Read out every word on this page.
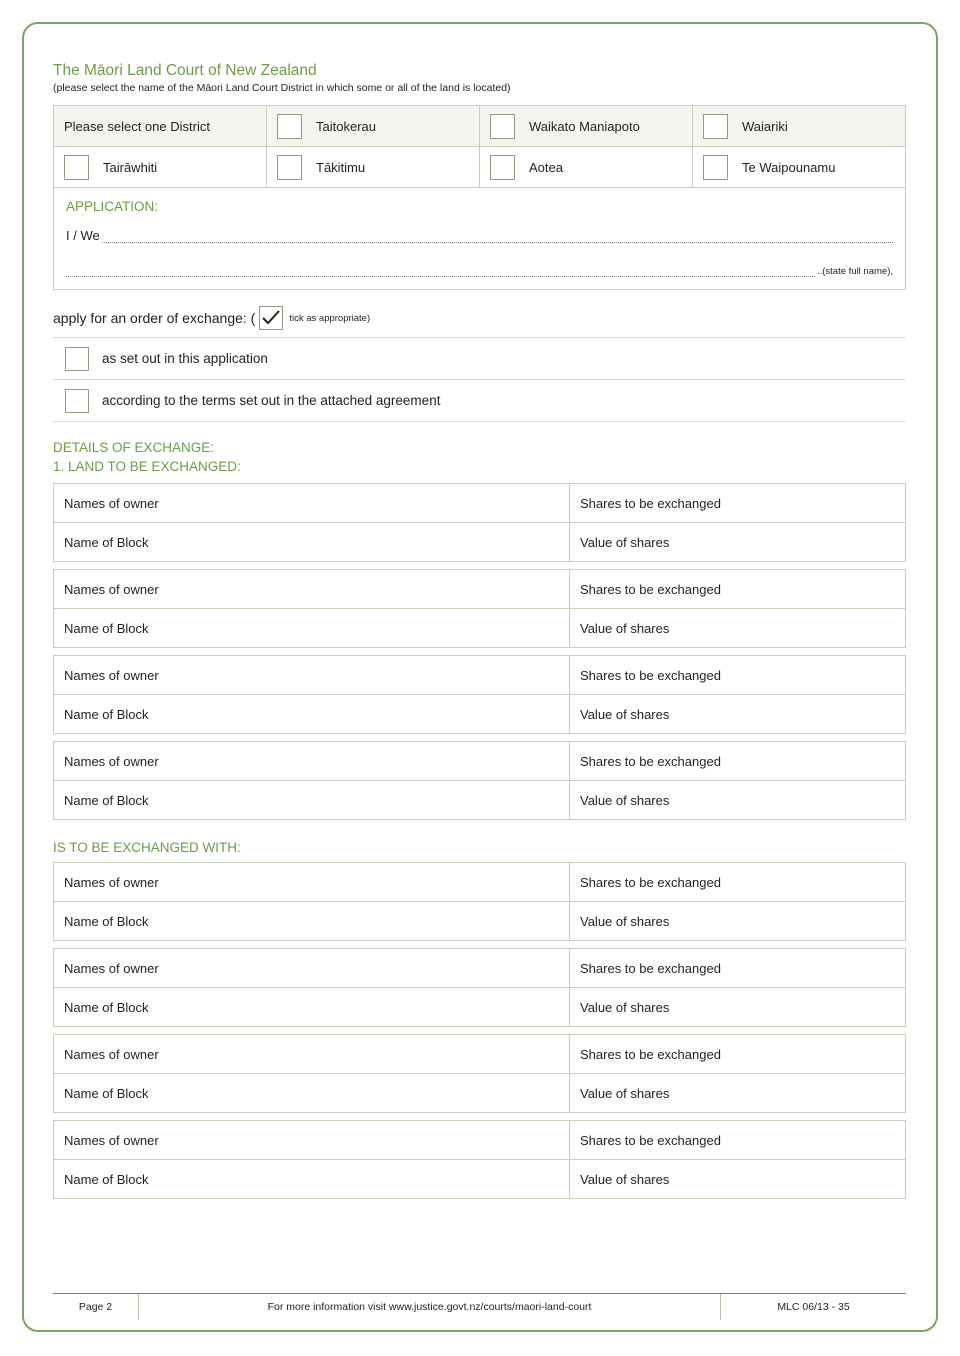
The Māori Land Court of New Zealand
(please select the name of the Māori Land Court District in which some or all of the land is located)
Please select one District	Taitokerau	Waikato Maniapoto	Waiariki

Tairāwhiti	Tākitimu	Aotea	Te Waipounamu
APPLICATION:
I / We
..(state full name),
apply for an order of exchange: (	tick as appropriate)
as set out in this application
according to the terms set out in the attached agreement
DETAILS OF EXCHANGE:
1. LAND TO BE EXCHANGED:
Names of owner	Shares to be exchanged
Name of Block	Value of shares
Names of owner	Shares to be exchanged
Name of Block	Value of shares
Names of owner	Shares to be exchanged
Name of Block	Value of shares
Names of owner	Shares to be exchanged
Name of Block	Value of shares
IS TO BE EXCHANGED WITH:
Names of owner	Shares to be exchanged
Name of Block	Value of shares
Names of owner	Shares to be exchanged
Name of Block	Value of shares
Names of owner	Shares to be exchanged
Name of Block	Value of shares
Names of owner	Shares to be exchanged
Name of Block	Value of shares
Page 2	For more information visit www.justice.govt.nz/courts/maori-land-court	MLC 06/13 - 35
